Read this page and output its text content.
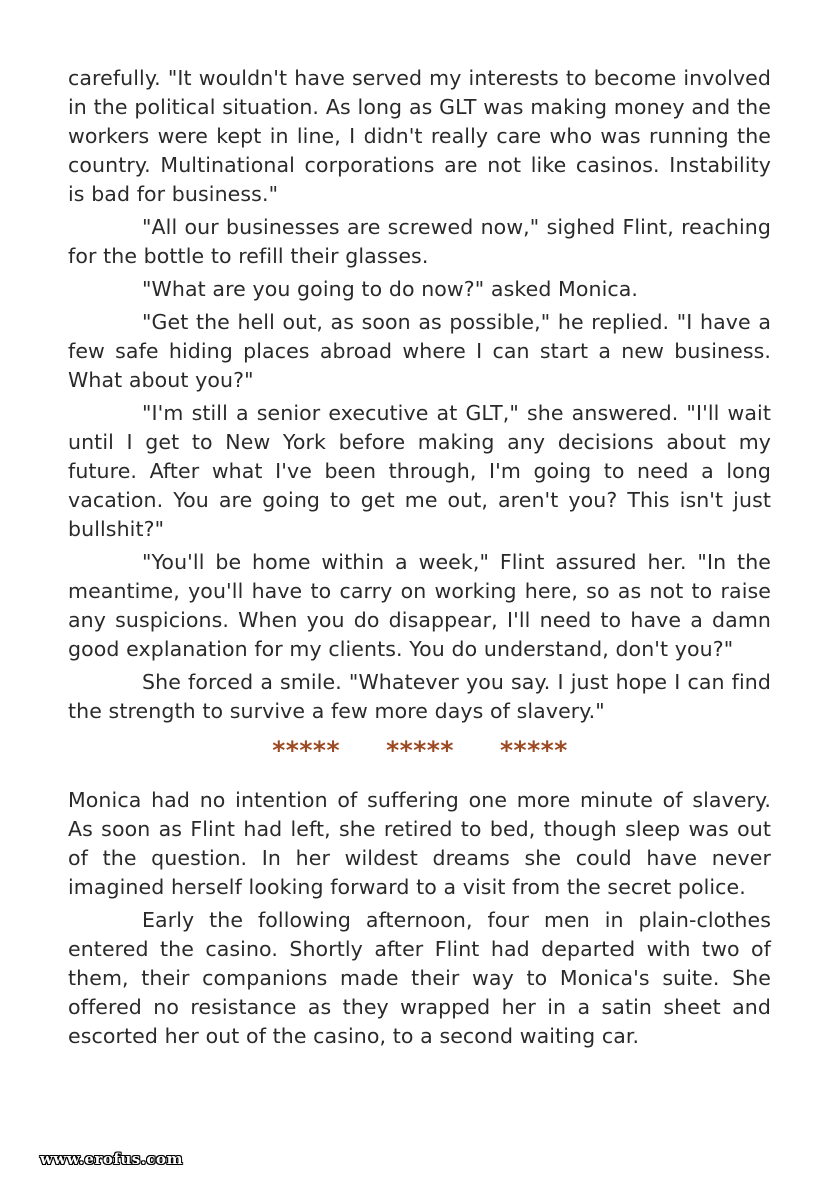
carefully. "It wouldn't have served my interests to become involved in the political situation. As long as GLT was making money and the workers were kept in line, I didn't really care who was running the country. Multinational corporations are not like casinos. Instability is bad for business."

"All our businesses are screwed now," sighed Flint, reaching for the bottle to refill their glasses.

"What are you going to do now?" asked Monica.

"Get the hell out, as soon as possible," he replied. "I have a few safe hiding places abroad where I can start a new business. What about you?"

"I'm still a senior executive at GLT," she answered. "I'll wait until I get to New York before making any decisions about my future. After what I've been through, I'm going to need a long vacation. You are going to get me out, aren't you? This isn't just bullshit?"

"You'll be home within a week," Flint assured her. "In the meantime, you'll have to carry on working here, so as not to raise any suspicions. When you do disappear, I'll need to have a damn good explanation for my clients. You do understand, don't you?"

She forced a smile. "Whatever you say. I just hope I can find the strength to survive a few more days of slavery."

***** ***** *****

Monica had no intention of suffering one more minute of slavery. As soon as Flint had left, she retired to bed, though sleep was out of the question. In her wildest dreams she could have never imagined herself looking forward to a visit from the secret police.

Early the following afternoon, four men in plain-clothes entered the casino. Shortly after Flint had departed with two of them, their companions made their way to Monica's suite. She offered no resistance as they wrapped her in a satin sheet and escorted her out of the casino, to a second waiting car.

www.erofus.com
